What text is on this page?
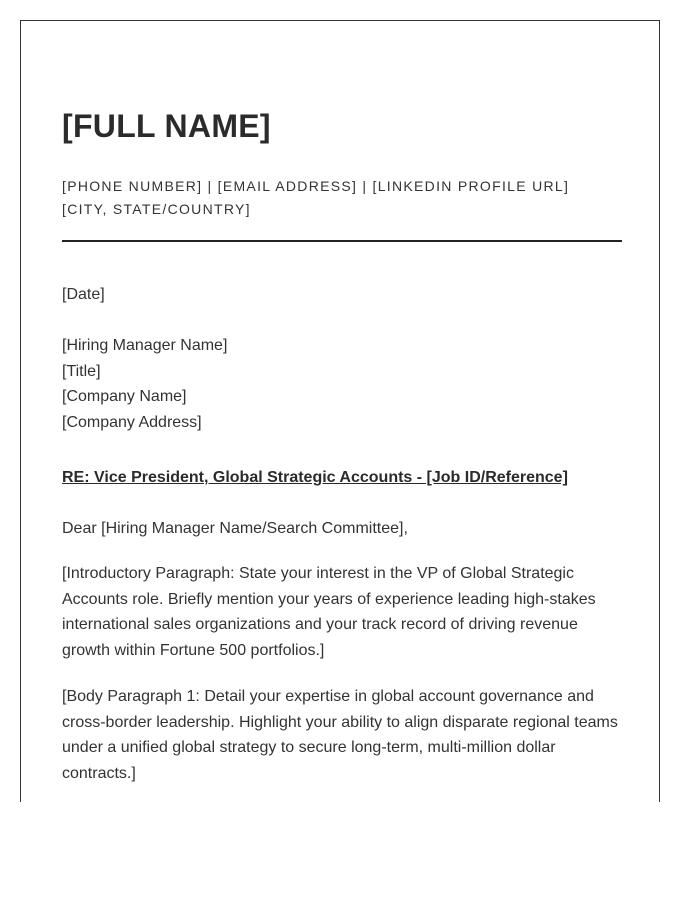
[FULL NAME]
[PHONE NUMBER] | [EMAIL ADDRESS] | [LINKEDIN PROFILE URL]
[CITY, STATE/COUNTRY]
[Date]
[Hiring Manager Name]
[Title]
[Company Name]
[Company Address]
RE: Vice President, Global Strategic Accounts - [Job ID/Reference]
Dear [Hiring Manager Name/Search Committee],
[Introductory Paragraph: State your interest in the VP of Global Strategic Accounts role. Briefly mention your years of experience leading high-stakes international sales organizations and your track record of driving revenue growth within Fortune 500 portfolios.]
[Body Paragraph 1: Detail your expertise in global account governance and cross-border leadership. Highlight your ability to align disparate regional teams under a unified global strategy to secure long-term, multi-million dollar contracts.]
